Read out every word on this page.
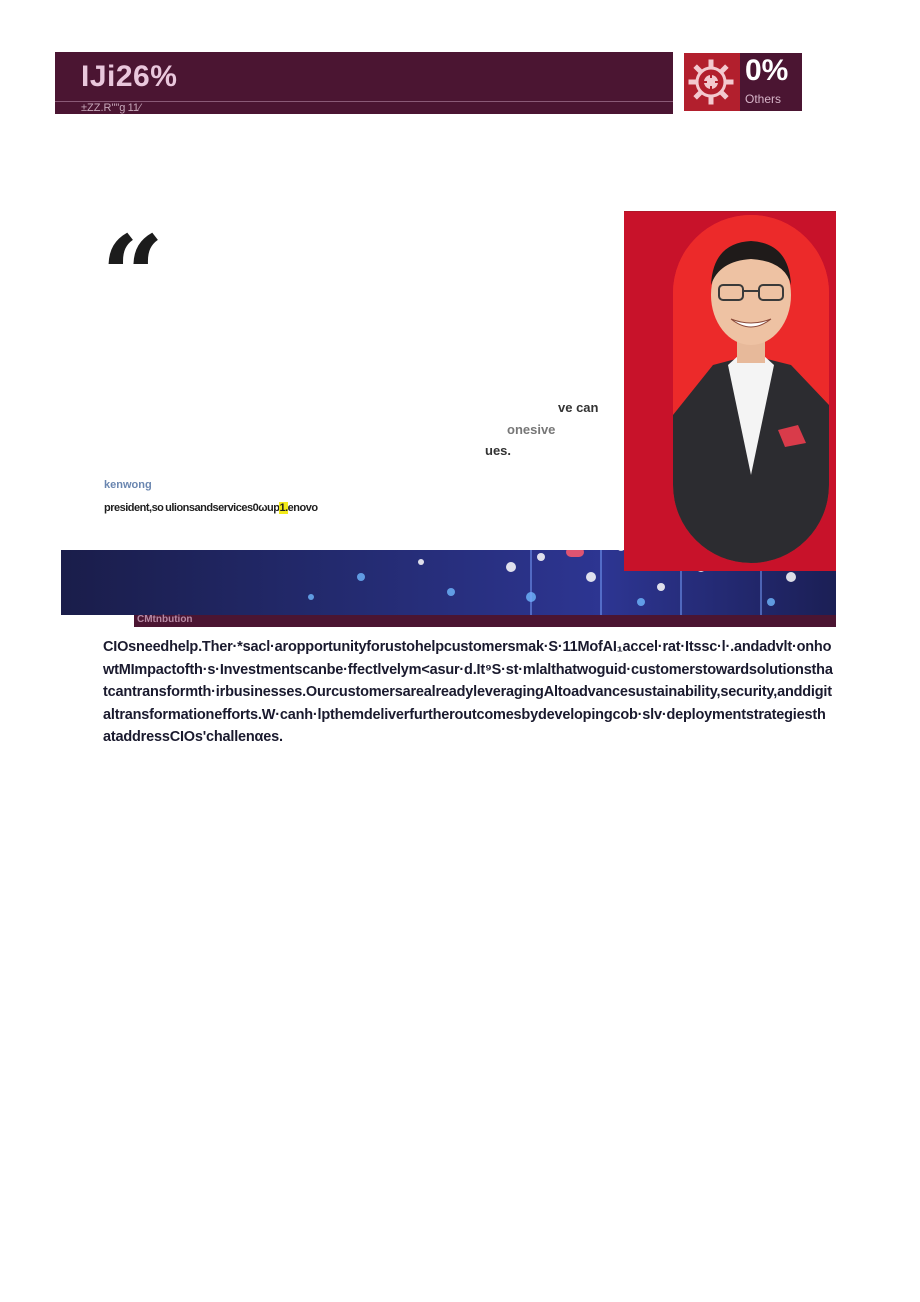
IJi26%
±ZZ.R""g 11⁄
0%
Others
“
ve can
onesive
ues.
kenwong
president,so ulionsandservices0ωup1.enovo
CMtnbution
CIOsneedhelp.Ther·*sacl·aropportunityforustohelpcustomersmak·S·11MofAI₁accel·rat·Itssc·l·.andadvlt·onhowtMImpactofth·s·Investmentscanbe·ffectlvelym<asur·d.It⁹S·st·mlalthatwoguid·customerstowardsolutionsthatcantransformth·irbusinesses.OurcustomersarealreadyleveragingAltoadvancesustainability,security,anddigitaltransformationefforts.W·canh·lpthemdeliverfurtheroutcomesbydevelopingcob·slv·deploymentstrategiesthataddressCIOs'challenαes.
